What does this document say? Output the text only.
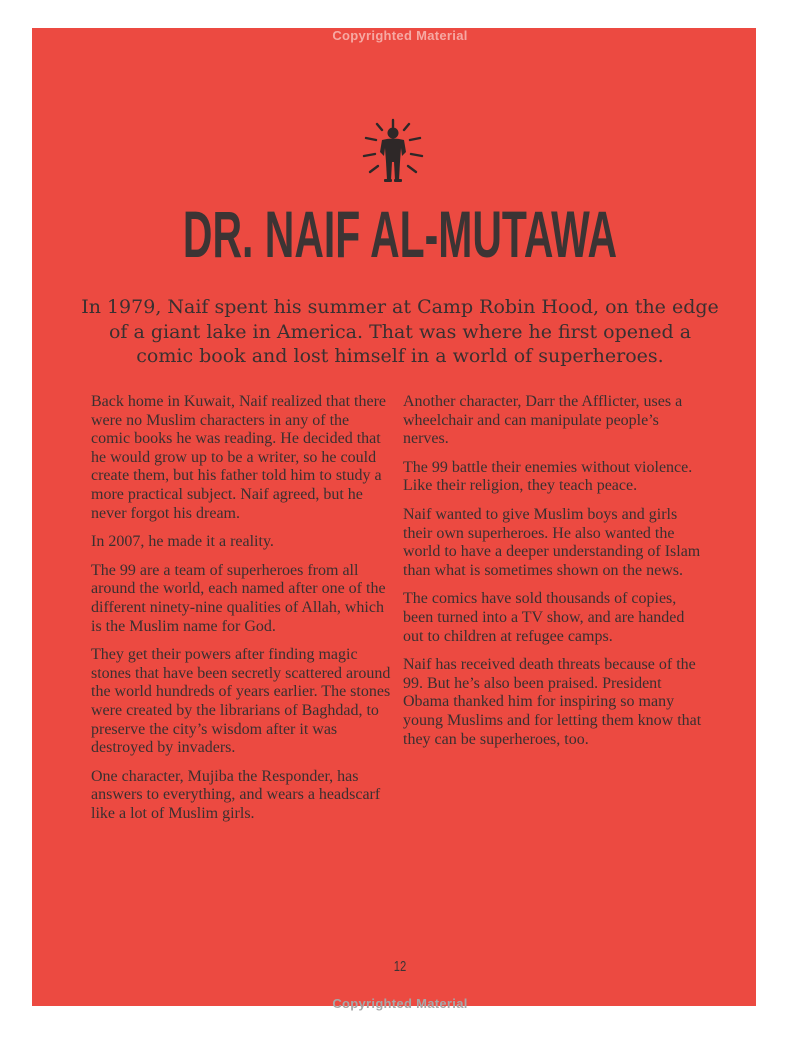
Copyrighted Material
DR. NAIF AL-MUTAWA
In 1979, Naif spent his summer at Camp Robin Hood, on the edge of a giant lake in America. That was where he first opened a comic book and lost himself in a world of superheroes.

Back home in Kuwait, Naif realized that there were no Muslim characters in any of the comic books he was reading. He decided that he would grow up to be a writer, so he could create them, but his father told him to study a more practical subject. Naif agreed, but he never forgot his dream.

In 2007, he made it a reality.

The 99 are a team of superheroes from all around the world, each named after one of the different ninety-nine qualities of Allah, which is the Muslim name for God.

They get their powers after finding magic stones that have been secretly scattered around the world hundreds of years earlier. The stones were created by the librarians of Baghdad, to preserve the city’s wisdom after it was destroyed by invaders.

One character, Mujiba the Responder, has answers to everything, and wears a headscarf like a lot of Muslim girls.

Another character, Darr the Afflicter, uses a wheelchair and can manipulate people’s nerves.

The 99 battle their enemies without violence. Like their religion, they teach peace.

Naif wanted to give Muslim boys and girls their own superheroes. He also wanted the world to have a deeper understanding of Islam than what is sometimes shown on the news.

The comics have sold thousands of copies, been turned into a TV show, and are handed out to children at refugee camps.

Naif has received death threats because of the 99. But he’s also been praised. President Obama thanked him for inspiring so many young Muslims and for letting them know that they can be superheroes, too.

12
Copyrighted Material
